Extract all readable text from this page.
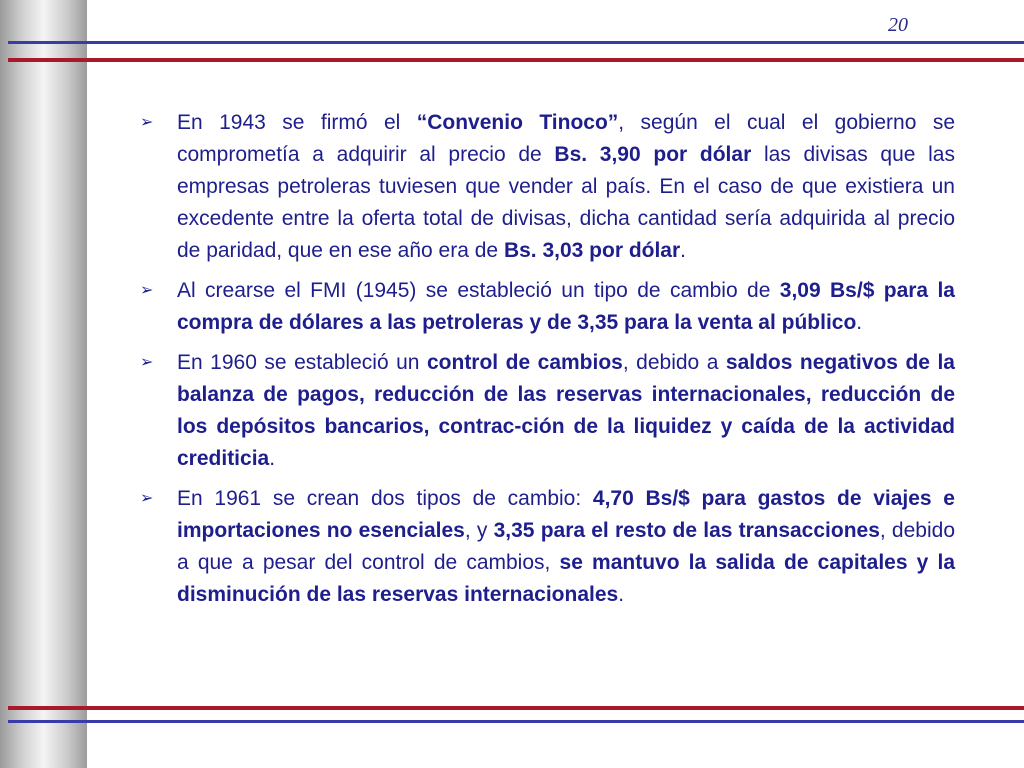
20
➢ En 1943 se firmó el “Convenio Tinoco”, según el cual el gobierno se comprometía a adquirir al precio de Bs. 3,90 por dólar las divisas que las empresas petroleras tuviesen que vender al país. En el caso de que existiera un excedente entre la oferta total de divisas, dicha cantidad sería adquirida al precio de paridad, que en ese año era de Bs. 3,03 por dólar.
➢ Al crearse el FMI (1945) se estableció un tipo de cambio de 3,09 Bs/$ para la compra de dólares a las petroleras y de 3,35 para la venta al público.
➢ En 1960 se estableció un control de cambios, debido a saldos negativos de la balanza de pagos, reducción de las reservas internacionales, reducción de los depósitos bancarios, contrac-ción de la liquidez y caída de la actividad crediticia.
➢ En 1961 se crean dos tipos de cambio: 4,70 Bs/$ para gastos de viajes e importaciones no esenciales, y 3,35 para el resto de las transacciones, debido a que a pesar del control de cambios, se mantuvo la salida de capitales y la disminución de las reservas internacionales.
